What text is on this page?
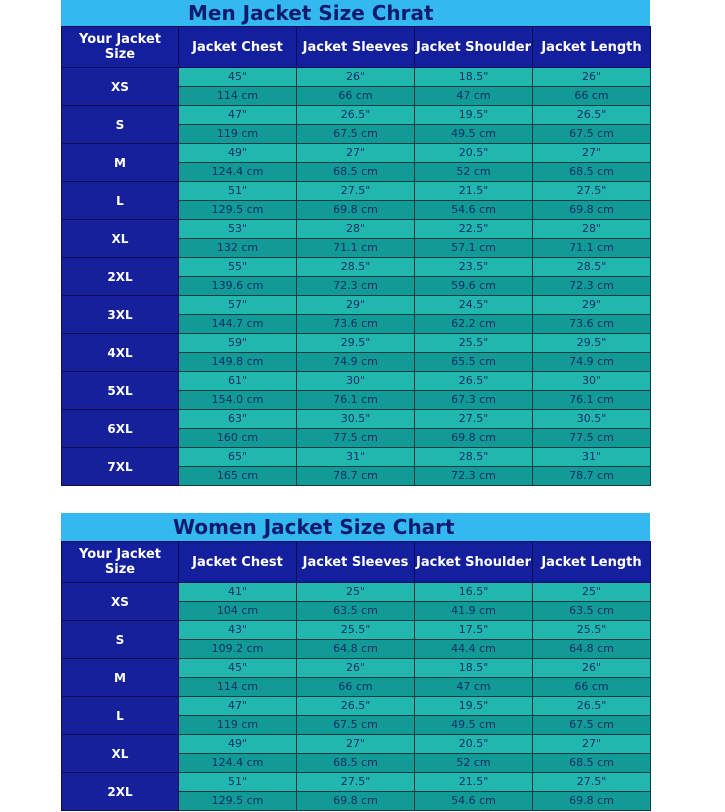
Men Jacket Size Chrat
Your Jacket Size	Jacket Chest	Jacket Sleeves	Jacket Shoulder	Jacket Length
XS	45"	26"	18.5"	26"
	114 cm	66 cm	47 cm	66 cm
S	47"	26.5"	19.5"	26.5"
	119 cm	67.5 cm	49.5 cm	67.5 cm
M	49"	27"	20.5"	27"
	124.4 cm	68.5 cm	52 cm	68.5 cm
L	51"	27.5"	21.5"	27.5"
	129.5 cm	69.8 cm	54.6 cm	69.8 cm
XL	53"	28"	22.5"	28"
	132 cm	71.1 cm	57.1 cm	71.1 cm
2XL	55"	28.5"	23.5"	28.5"
	139.6 cm	72.3 cm	59.6 cm	72.3 cm
3XL	57"	29"	24.5"	29"
	144.7 cm	73.6 cm	62.2 cm	73.6 cm
4XL	59"	29.5"	25.5"	29.5"
	149.8 cm	74.9 cm	65.5 cm	74.9 cm
5XL	61"	30"	26.5"	30"
	154.0 cm	76.1 cm	67.3 cm	76.1 cm
6XL	63"	30.5"	27.5"	30.5"
	160 cm	77.5 cm	69.8 cm	77.5 cm
7XL	65"	31"	28.5"	31"
	165 cm	78.7 cm	72.3 cm	78.7 cm
Women Jacket Size Chart
Your Jacket Size	Jacket Chest	Jacket Sleeves	Jacket Shoulder	Jacket Length
XS	41"	25"	16.5"	25"
	104 cm	63.5 cm	41.9 cm	63.5 cm
S	43"	25.5"	17.5"	25.5"
	109.2 cm	64.8 cm	44.4 cm	64.8 cm
M	45"	26"	18.5"	26"
	114 cm	66 cm	47 cm	66 cm
L	47"	26.5"	19.5"	26.5"
	119 cm	67.5 cm	49.5 cm	67.5 cm
XL	49"	27"	20.5"	27"
	124.4 cm	68.5 cm	52 cm	68.5 cm
2XL	51"	27.5"	21.5"	27.5"
	129.5 cm	69.8 cm	54.6 cm	69.8 cm
